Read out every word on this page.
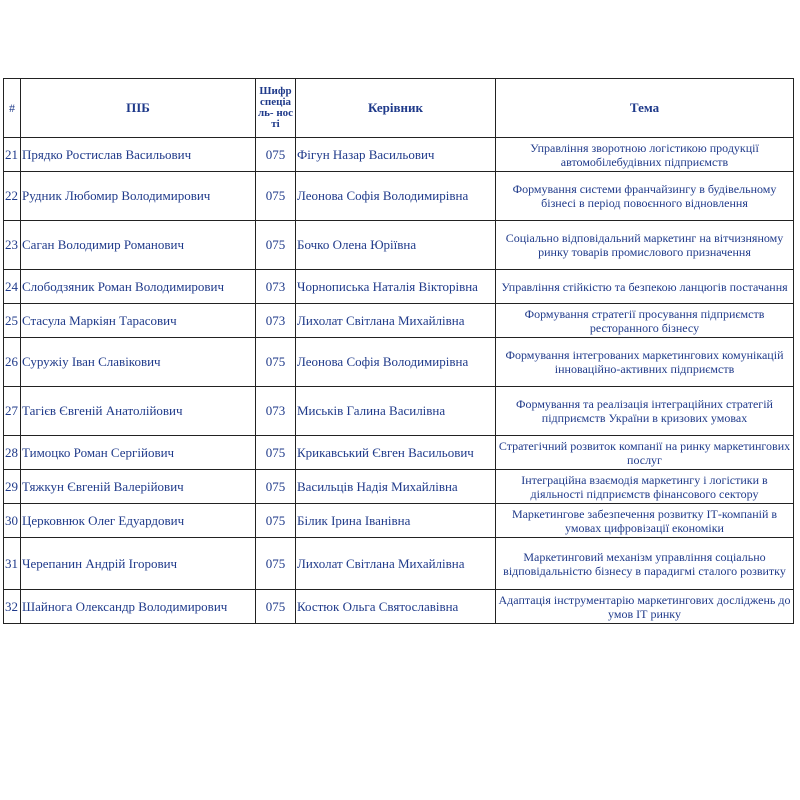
#	ПІБ	Шифр спеціа ль- ності	Керівник	Тема
21	Прядко Ростислав Васильович	075	Фігун Назар Васильович	Управління зворотною логістикою продукції автомобілебудівних підприємств
22	Рудник Любомир Володимирович	075	Леонова Софія Володимирівна	Формування системи франчайзингу в будівельному бізнесі в період повоєнного відновлення
23	Саган Володимир Романович	075	Бочко Олена Юріївна	Соціально відповідальний маркетинг на вітчизняному ринку товарів промислового призначення
24	Слободзяник Роман Володимирович	073	Чорнописька Наталія Вікторівна	Управління стійкістю та безпекою ланцюгів постачання
25	Стасула Маркіян Тарасович	073	Лихолат Світлана Михайлівна	Формування стратегії просування підприємств ресторанного бізнесу
26	Суружіу Іван Славікович	075	Леонова Софія Володимирівна	Формування інтегрованих маркетингових комунікацій інноваційно-активних підприємств
27	Тагієв Євгеній Анатолійович	073	Миськів Галина Василівна	Формування та реалізація інтеграційних стратегій підприємств України в кризових умовах
28	Тимоцко Роман Сергійович	075	Крикавський Євген Васильович	Стратегічний розвиток компанії на ринку маркетингових послуг
29	Тяжкун Євгеній Валерійович	075	Васильців Надія Михайлівна	Інтеграційна взаємодія маркетингу і логістики в діяльності підприємств фінансового сектору
30	Церковнюк Олег Едуардович	075	Білик Ірина Іванівна	Маркетингове забезпечення розвитку ІТ-компаній в умовах цифровізації економіки
31	Черепанин Андрій Ігорович	075	Лихолат Світлана Михайлівна	Маркетинговий механізм управління соціально відповідальністю бізнесу в парадигмі сталого розвитку
32	Шайнога Олександр Володимирович	075	Костюк Ольга Святославівна	Адаптація інструментарію маркетингових досліджень до умов ІТ ринку
